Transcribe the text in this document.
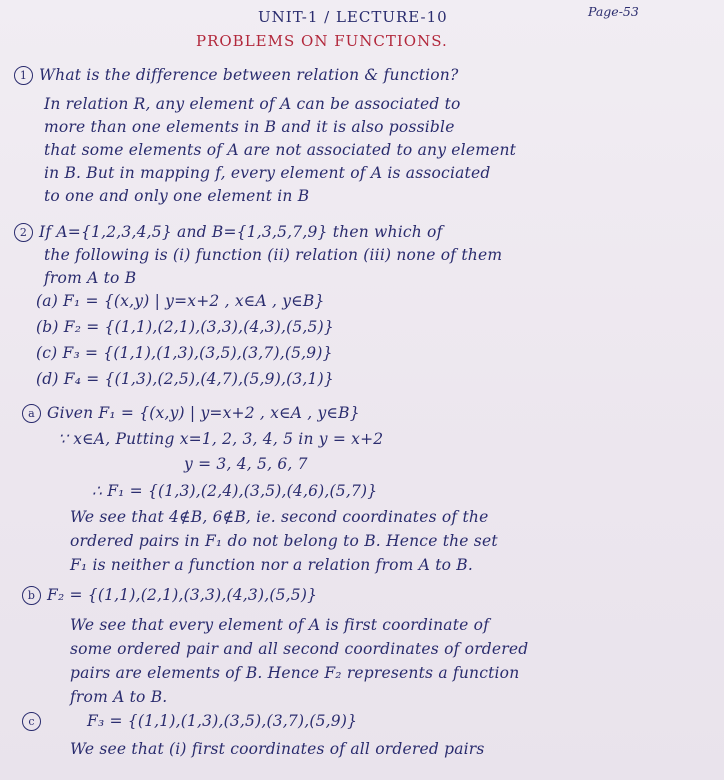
Page-53
UNIT-1 / LECTURE-10
PROBLEMS ON FUNCTIONS.
1 What is the difference between relation & function?
In relation R, any element of A can be associated to
more than one elements in B and it is also possible
that some elements of A are not associated to any element
in B. But in mapping f, every element of A is associated
to one and only one element in B
2 If A={1,2,3,4,5} and B={1,3,5,7,9} then which of
the following is (i) function (ii) relation (iii) none of them
from A to B
(a) F₁ = {(x,y) | y=x+2 , x∈A , y∈B}
(b) F₂ = {(1,1),(2,1),(3,3),(4,3),(5,5)}
(c) F₃ = {(1,1),(1,3),(3,5),(3,7),(5,9)}
(d) F₄ = {(1,3),(2,5),(4,7),(5,9),(3,1)}
a Given F₁ = {(x,y) | y=x+2 , x∈A , y∈B}
∵ x∈A, Putting x=1, 2, 3, 4, 5 in y = x+2
y = 3, 4, 5, 6, 7
∴ F₁ = {(1,3),(2,4),(3,5),(4,6),(5,7)}
We see that 4∉B, 6∉B, ie. second coordinates of the
ordered pairs in F₁ do not belong to B. Hence the set
F₁ is neither a function nor a relation from A to B.
b F₂ = {(1,1),(2,1),(3,3),(4,3),(5,5)}
We see that every element of A is first coordinate of
some ordered pair and all second coordinates of ordered
pairs are elements of B. Hence F₂ represents a function
from A to B.
c	F₃ = {(1,1),(1,3),(3,5),(3,7),(5,9)}
We see that (i) first coordinates of all ordered pairs
